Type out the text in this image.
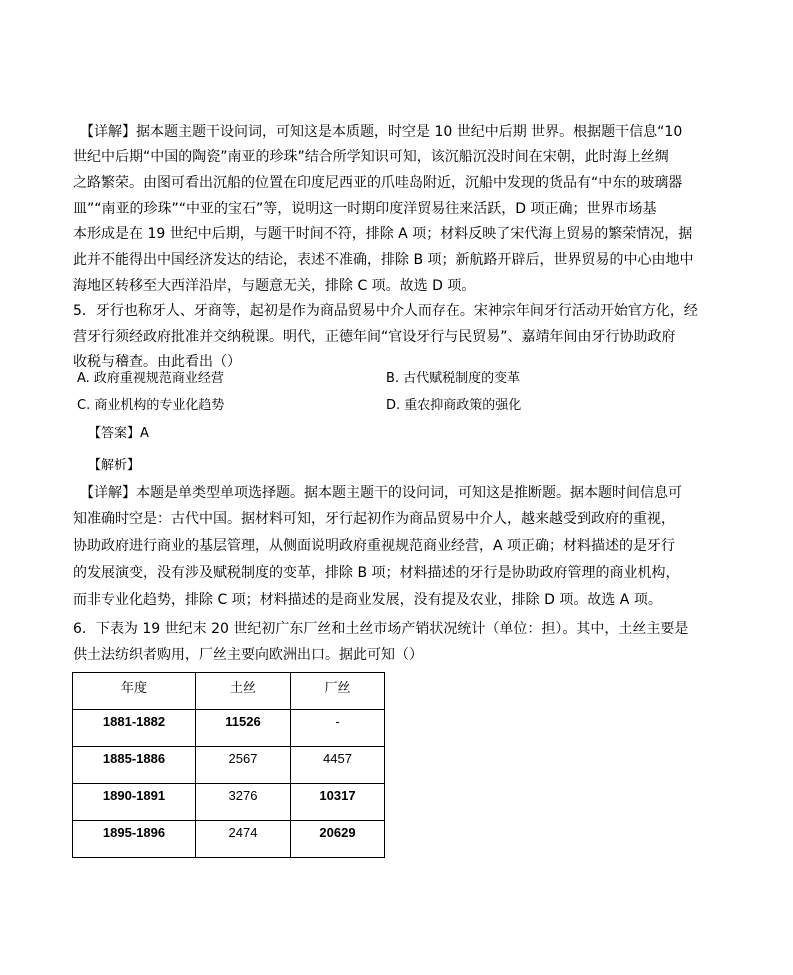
【详解】据本题主题干设问词，可知这是本质题，时空是 10 世纪中后期 世界。根据题干信息“10
世纪中后期“中国的陶瓷”南亚的珍珠”结合所学知识可知，该沉船沉没时间在宋朝，此时海上丝绸
之路繁荣。由图可看出沉船的位置在印度尼西亚的爪哇岛附近，沉船中发现的货品有“中东的玻璃器
皿”“南亚的珍珠”“中亚的宝石”等，说明这一时期印度洋贸易往来活跃，D 项正确；世界市场基
本形成是在 19 世纪中后期，与题干时间不符，排除 A 项；材料反映了宋代海上贸易的繁荣情况，据
此并不能得出中国经济发达的结论，表述不准确，排除 B 项；新航路开辟后，世界贸易的中心由地中
海地区转移至大西洋沿岸，与题意无关，排除 C 项。故选 D 项。
5．牙行也称牙人、牙商等，起初是作为商品贸易中介人而存在。宋神宗年间牙行活动开始官方化，经
营牙行须经政府批准并交纳税课。明代，正德年间“官设牙行与民贸易”、嘉靖年间由牙行协助政府
收税与稽查。由此看出（）
A. 政府重视规范商业经营	B. 古代赋税制度的变革
C. 商业机构的专业化趋势	D. 重农抑商政策的强化
【答案】A
【解析】
【详解】本题是单类型单项选择题。据本题主题干的设问词，可知这是推断题。据本题时间信息可
知准确时空是：古代中国。据材料可知，牙行起初作为商品贸易中介人，越来越受到政府的重视，
协助政府进行商业的基层管理，从侧面说明政府重视规范商业经营，A 项正确；材料描述的是牙行
的发展演变，没有涉及赋税制度的变革，排除 B 项；材料描述的牙行是协助政府管理的商业机构，
而非专业化趋势，排除 C 项；材料描述的是商业发展，没有提及农业，排除 D 项。故选 A 项。
6．下表为 19 世纪末 20 世纪初广东厂丝和土丝市场产销状况统计（单位：担）。其中，土丝主要是
供土法纺织者购用，厂丝主要向欧洲出口。据此可知（）
年度	土丝	厂丝
1881-1882	11526	-
1885-1886	2567	4457
1890-1891	3276	10317
1895-1896	2474	20629
